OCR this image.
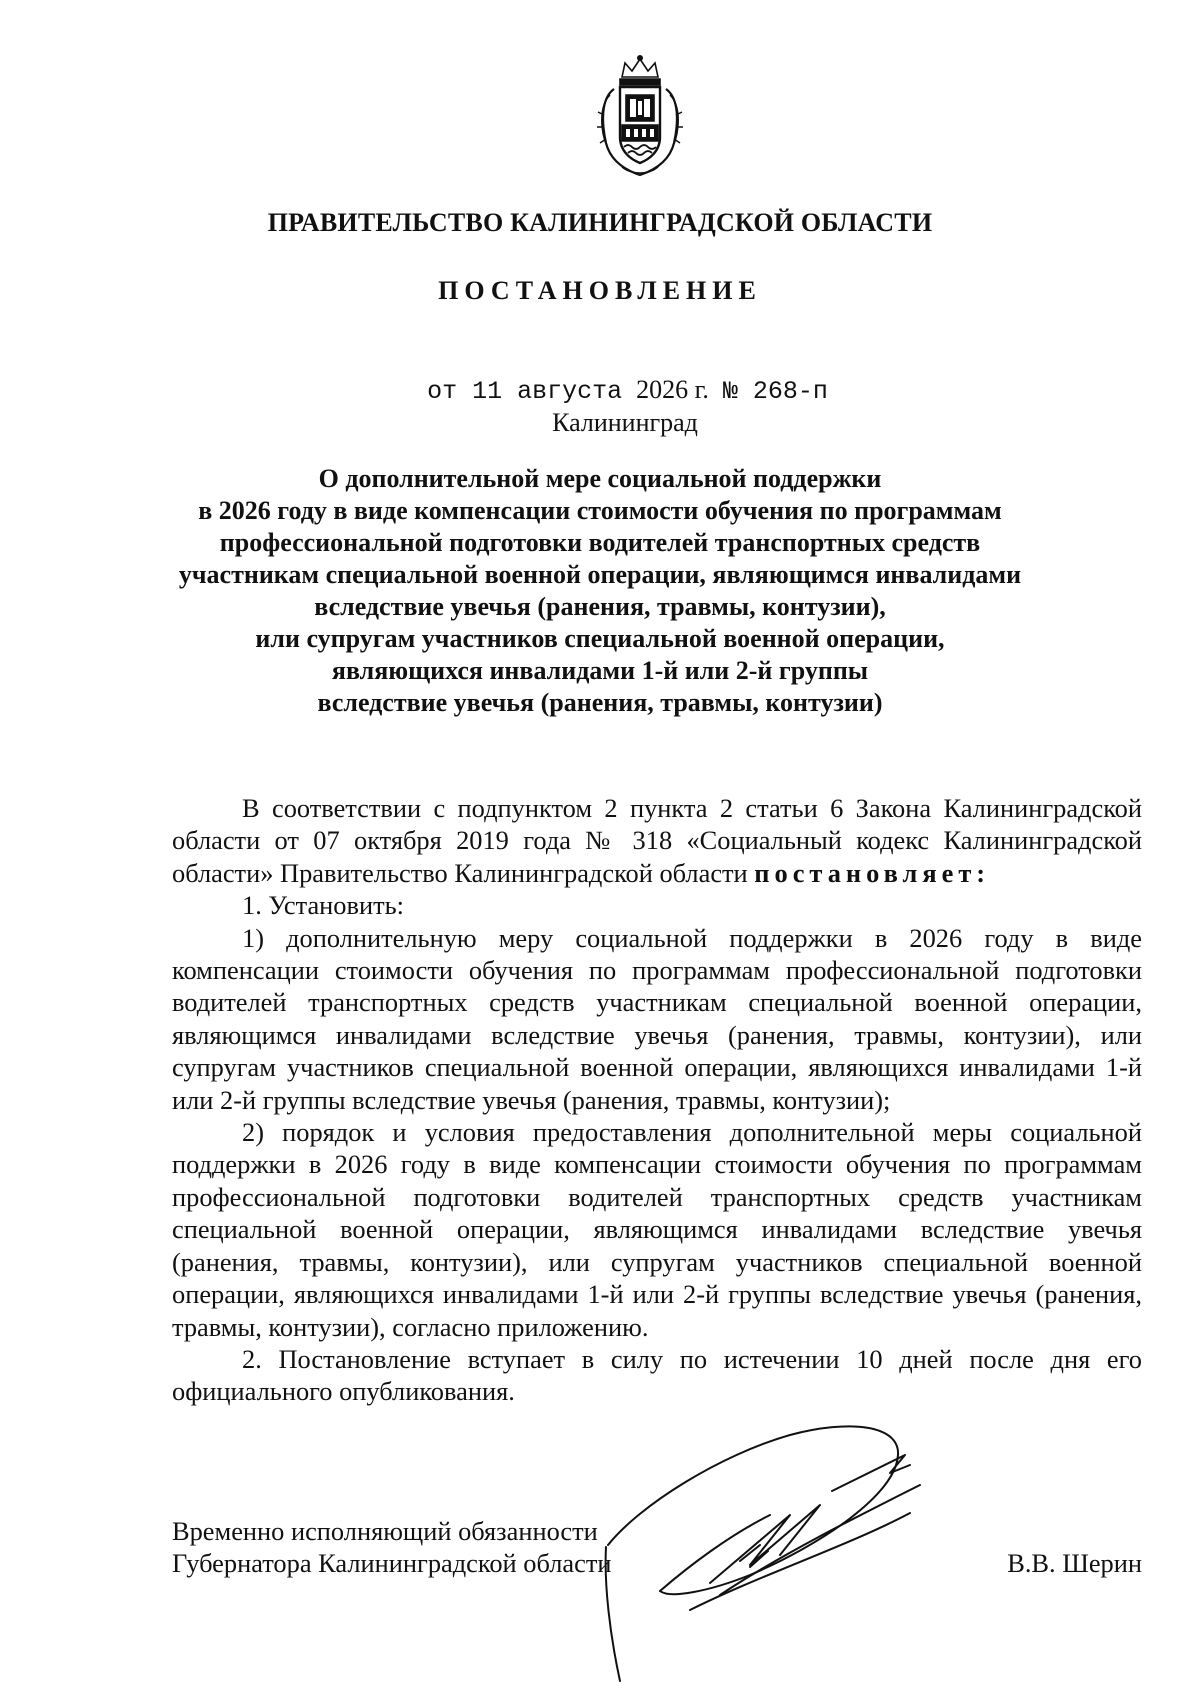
ПРАВИТЕЛЬСТВО КАЛИНИНГРАДСКОЙ ОБЛАСТИ
ПОСТАНОВЛЕНИЕ
от 11 августа 2026 г. № 268-п
Калининград
О дополнительной мере социальной поддержки
в 2026 году в виде компенсации стоимости обучения по программам
профессиональной подготовки водителей транспортных средств
участникам специальной военной операции, являющимся инвалидами
вследствие увечья (ранения, травмы, контузии),
или супругам участников специальной военной операции,
являющихся инвалидами 1-й или 2-й группы
вследствие увечья (ранения, травмы, контузии)

В соответствии с подпунктом 2 пункта 2 статьи 6 Закона Калининградской области от 07 октября 2019 года № 318 «Социальный кодекс Калининградской области» Правительство Калининградской области постановляет:

1. Установить:

1) дополнительную меру социальной поддержки в 2026 году в виде компенсации стоимости обучения по программам профессиональной подготовки водителей транспортных средств участникам специальной военной операции, являющимся инвалидами вследствие увечья (ранения, травмы, контузии), или супругам участников специальной военной операции, являющихся инвалидами 1-й или 2-й группы вследствие увечья (ранения, травмы, контузии);

2) порядок и условия предоставления дополнительной меры социальной поддержки в 2026 году в виде компенсации стоимости обучения по программам профессиональной подготовки водителей транспортных средств участникам специальной военной операции, являющимся инвалидами вследствие увечья (ранения, травмы, контузии), или супругам участников специальной военной операции, являющихся инвалидами 1-й или 2-й группы вследствие увечья (ранения, травмы, контузии), согласно приложению.

2. Постановление вступает в силу по истечении 10 дней после дня его официального опубликования.

Временно исполняющий обязанности
Губернатора Калининградской области	В.В. Шерин
